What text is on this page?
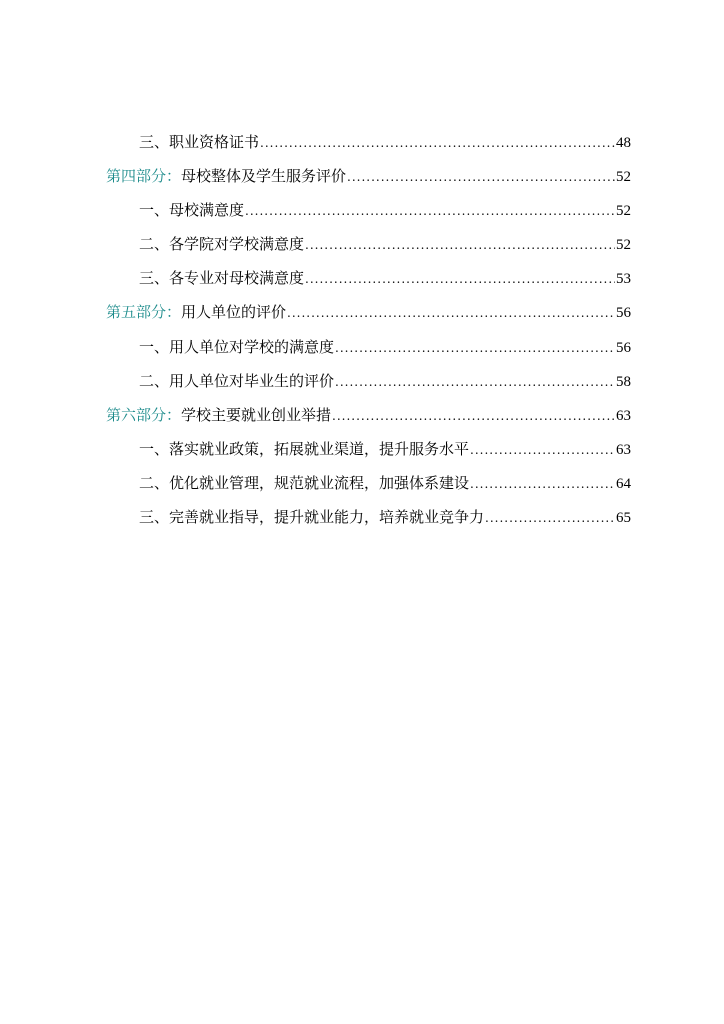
三、 职业资格证书 .....	48
第四部分： 母校整体及学生服务评价 .....	52
一、 母校满意度 .....	52
二、 各学院对学校满意度 .....	52
三、 各专业对母校满意度 .....	53
第五部分： 用人单位的评价 .....	56
一、 用人单位对学校的满意度 .....	56
二、 用人单位对毕业生的评价 .....	58
第六部分： 学校主要就业创业举措 .....	63
一、 落实就业政策，拓展就业渠道，提升服务水平 .....	63
二、 优化就业管理，规范就业流程，加强体系建设 .....	64
三、 完善就业指导，提升就业能力，培养就业竞争力 .....	65
